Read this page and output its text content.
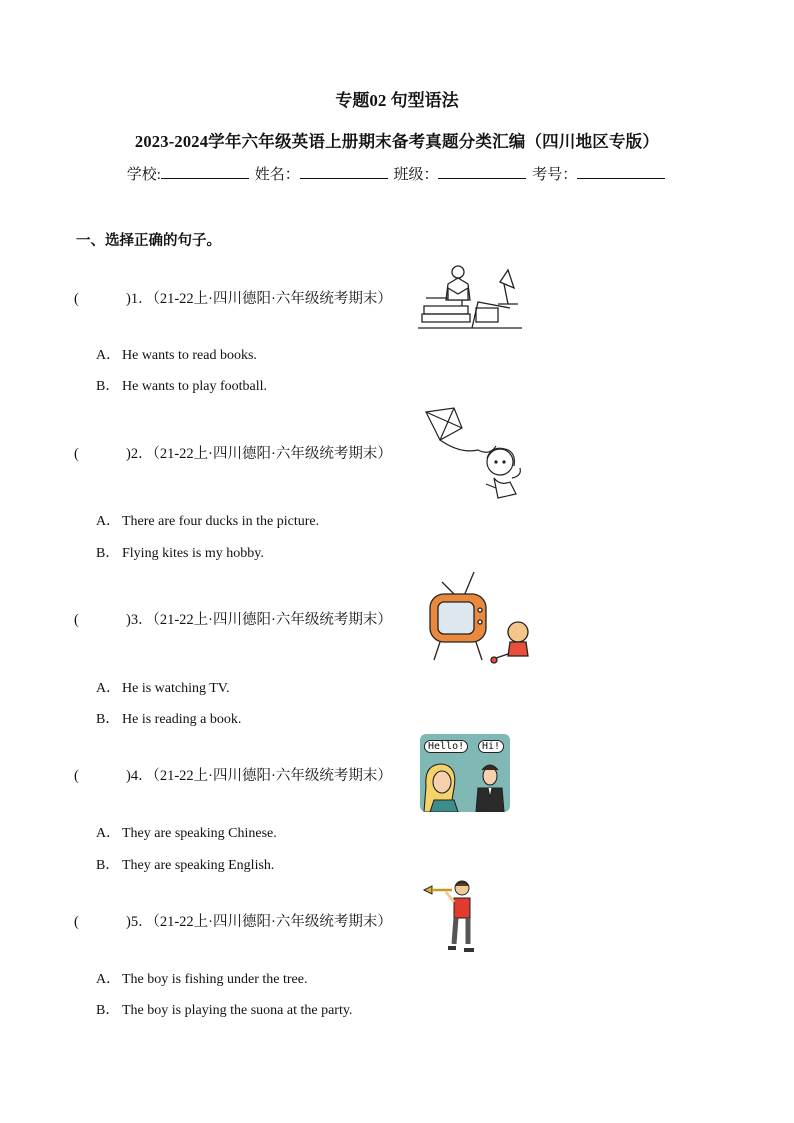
专题02 句型语法
2023-2024学年六年级英语上册期末备考真题分类汇编（四川地区专版）
学校:	姓名：	班级：	考号：
一、选择正确的句子。
(	)1．（21-22上·四川德阳·六年级统考期末）
A． He wants to read books.
B． He wants to play football.
(	)2．（21-22上·四川德阳·六年级统考期末）
A． There are four ducks in the picture.
B． Flying kites is my hobby.
(	)3．（21-22上·四川德阳·六年级统考期末）
A． He is watching TV.
B． He is reading a book.
(	)4．（21-22上·四川德阳·六年级统考期末）
Hello!	Hi!
A． They are speaking Chinese.
B． They are speaking English.
(	)5．（21-22上·四川德阳·六年级统考期末）
A． The boy is fishing under the tree.
B． The boy is playing the suona at the party.
